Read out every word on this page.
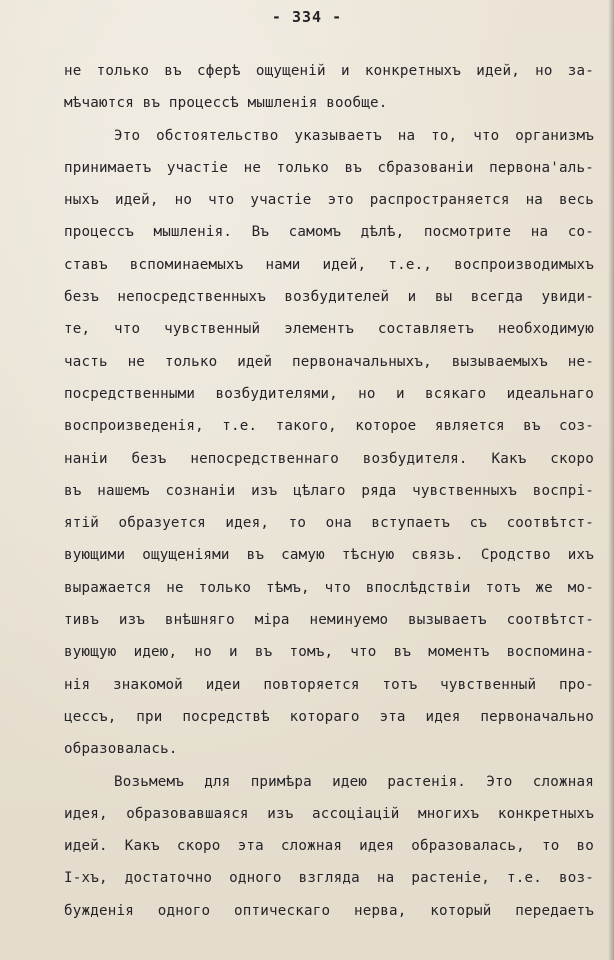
- 334 -
не только въ сферѣ ощущеній и конкретныхъ идей, но за-
мѣчаются въ процессѣ мышленія вообще.
Это обстоятельство указываетъ на то, что организмъ
принимаетъ участіе не только въ сбразованіи первона'аль-
ныхъ идей, но что участіе это распространяется на весь
процессъ мышленія. Въ самомъ дѣлѣ, посмотрите на со-
ставъ вспоминаемыхъ нами идей, т.е., воспроизводимыхъ
безъ непосредственныхъ возбудителей и вы всегда увиди-
те, что чувственный элементъ составляетъ необходимую
часть не только идей первоначальныхъ, вызываемыхъ не-
посредственными возбудителями, но и всякаго идеальнаго
воспроизведенія, т.е. такого, которое является въ соз-
наніи безъ непосредственнаго возбудителя. Какъ скоро
въ нашемъ сознаніи изъ цѣлаго ряда чувственныхъ воспрі-
ятій образуется идея, то она вступаетъ съ соотвѣтст-
вующими ощущеніями въ самую тѣсную связь. Сродство ихъ
выражается не только тѣмъ, что впослѣдствіи тотъ же мо-
тивъ изъ внѣшняго міра неминуемо вызываетъ соотвѣтст-
вующую идею, но и въ томъ, что въ моментъ воспомина-
нія знакомой идеи повторяется тотъ чувственный про-
цессъ, при посредствѣ котораго эта идея первоначально
образовалась.
Возьмемъ для примѣра идею растенія. Это сложная
идея, образовавшаяся изъ ассоціацій многихъ конкретныхъ
идей. Какъ скоро эта сложная идея образовалась, то во
I-хъ, достаточно одного взгляда на растеніе, т.е. воз-
бужденія одного оптическаго нерва, который передаетъ
